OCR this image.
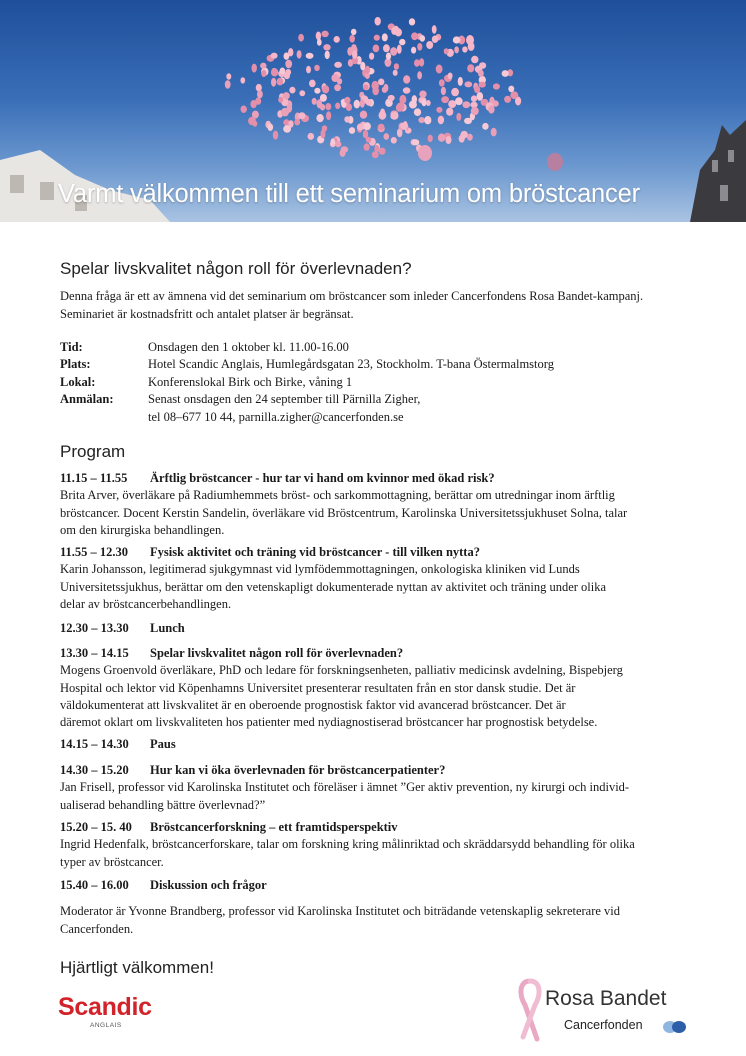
Varmt välkommen till ett seminarium om bröstcancer
Spelar livskvalitet någon roll för överlevnaden?
Denna fråga är ett av ämnena vid det seminarium om bröstcancer som inleder Cancerfondens Rosa Bandet-kampanj. Seminariet är kostnadsfritt och antalet platser är begränsat.
Tid:	Onsdagen den 1 oktober kl. 11.00-16.00
Plats:	Hotel Scandic Anglais, Humlegårdsgatan 23, Stockholm. T-bana Östermalmstorg
Lokal:	Konferenslokal Birk och Birke, våning 1
Anmälan:	Senast onsdagen den 24 september till Pärnilla Zigher,
tel 08–677 10 44, parnilla.zigher@cancerfonden.se
Program
11.15 – 11.55	Ärftlig bröstcancer - hur tar vi hand om kvinnor med ökad risk?
Brita Arver, överläkare på Radiumhemmets bröst- och sarkommottagning, berättar om utredningar inom ärftlig
bröstcancer. Docent Kerstin Sandelin, överläkare vid Bröstcentrum, Karolinska Universitetssjukhuset Solna, talar
om den kirurgiska behandlingen.
11.55 – 12.30	Fysisk aktivitet och träning vid bröstcancer - till vilken nytta?
Karin Johansson, legitimerad sjukgymnast vid lymfödemmottagningen, onkologiska kliniken vid Lunds
Universitetssjukhus, berättar om den vetenskapligt dokumenterade nyttan av aktivitet och träning under olika
delar av bröstcancerbehandlingen.
12.30 – 13.30	Lunch
13.30 – 14.15	Spelar livskvalitet någon roll för överlevnaden?
Mogens Groenvold överläkare, PhD och ledare för forskningsenheten, palliativ medicinsk avdelning, Bispebjerg
Hospital och lektor vid Köpenhamns Universitet presenterar resultaten från en stor dansk studie. Det är
väldokumenterat att livskvalitet är en oberoende prognostisk faktor vid avancerad bröstcancer. Det är
däremot oklart om livskvaliteten hos patienter med nydiagnostiserad bröstcancer har prognostisk betydelse.
14.15 – 14.30	Paus
14.30 – 15.20	Hur kan vi öka överlevnaden för bröstcancerpatienter?
Jan Frisell, professor vid Karolinska Institutet och föreläser i ämnet ”Ger aktiv prevention, ny kirurgi och individ-
ualiserad behandling bättre överlevnad?”
15.20 – 15. 40	Bröstcancerforskning – ett framtidsperspektiv
Ingrid Hedenfalk, bröstcancerforskare, talar om forskning kring målinriktad och skräddarsydd behandling för olika
typer av bröstcancer.
15.40 – 16.00	Diskussion och frågor
Moderator är Yvonne Brandberg, professor vid Karolinska Institutet och biträdande vetenskaplig sekreterare vid Cancerfonden.
Hjärtligt välkommen!
Scandic
ANGLAIS
Rosa Bandet
Cancerfonden
